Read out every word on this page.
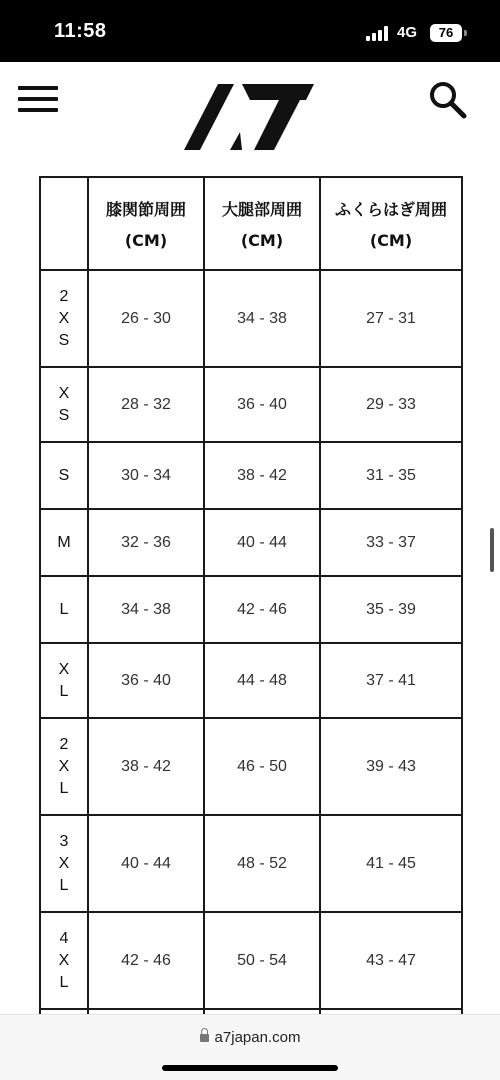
11:58	4G	76
	膝関節周囲(CM)	大腿部周囲(CM)	ふくらはぎ周囲(CM)

2
X
S	26 - 30	34 - 38	27 - 31

X
S	28 - 32	36 - 40	29 - 33

S	30 - 34	38 - 42	31 - 35

M	32 - 36	40 - 44	33 - 37

L	34 - 38	42 - 46	35 - 39

X
L	36 - 40	44 - 48	37 - 41

2
X
L	38 - 42	46 - 50	39 - 43

3
X
L	40 - 44	48 - 52	41 - 45

4
X
L	42 - 46	50 - 54	43 - 47

a7japan.com
